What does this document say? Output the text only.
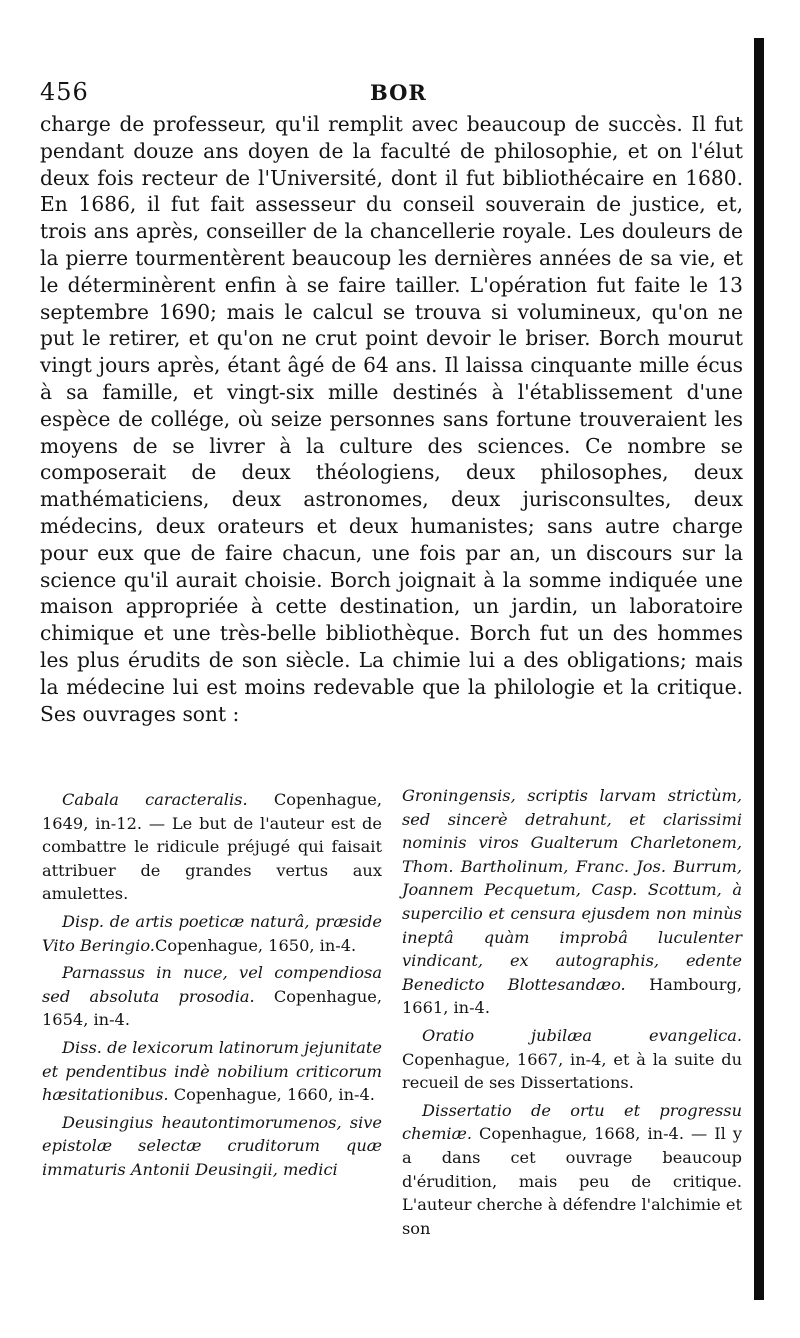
456	BOR

charge de professeur, qu'il remplit avec beaucoup de succès. Il fut pendant douze ans doyen de la faculté de philosophie, et on l'élut deux fois recteur de l'Université, dont il fut bibliothécaire en 1680. En 1686, il fut fait assesseur du conseil souverain de justice, et, trois ans après, conseiller de la chancellerie royale. Les douleurs de la pierre tourmentèrent beaucoup les dernières années de sa vie, et le déterminèrent enfin à se faire tailler. L'opération fut faite le 13 septembre 1690; mais le calcul se trouva si volumineux, qu'on ne put le retirer, et qu'on ne crut point devoir le briser. Borch mourut vingt jours après, étant âgé de 64 ans. Il laissa cinquante mille écus à sa famille, et vingt-six mille destinés à l'établissement d'une espèce de collége, où seize personnes sans fortune trouveraient les moyens de se livrer à la culture des sciences. Ce nombre se composerait de deux théologiens, deux philosophes, deux mathématiciens, deux astronomes, deux jurisconsultes, deux médecins, deux orateurs et deux humanistes; sans autre charge pour eux que de faire chacun, une fois par an, un discours sur la science qu'il aurait choisie. Borch joignait à la somme indiquée une maison appropriée à cette destination, un jardin, un laboratoire chimique et une très-belle bibliothèque. Borch fut un des hommes les plus érudits de son siècle. La chimie lui a des obligations; mais la médecine lui est moins redevable que la philologie et la critique. Ses ouvrages sont :

Cabala caracteralis. Copenhague, 1649, in-12. — Le but de l'auteur est de combattre le ridicule préjugé qui faisait attribuer de grandes vertus aux amulettes.

Disp. de artis poeticæ naturâ, præside Vito Beringio.Copenhague, 1650, in-4.

Parnassus in nuce, vel compendiosa sed absoluta prosodia. Copenhague, 1654, in-4.

Diss. de lexicorum latinorum jejunitate et pendentibus indè nobilium criticorum hæsitationibus. Copenhague, 1660, in-4.

Deusingius heautontimorumenos, sive epistolæ selectæ cruditorum quæ immaturis Antonii Deusingii, medici

Groningensis, scriptis larvam strictùm, sed sincerè detrahunt, et clarissimi nominis viros Gualterum Charletonem, Thom. Bartholinum, Franc. Jos. Burrum, Joannem Pecquetum, Casp. Scottum, à supercilio et censura ejusdem non minùs ineptâ quàm improbâ luculenter vindicant, ex autographis, edente Benedicto Blottesandæo. Hambourg, 1661, in-4.

Oratio jubilæa evangelica. Copenhague, 1667, in-4, et à la suite du recueil de ses Dissertations.

Dissertatio de ortu et progressu chemiæ. Copenhague, 1668, in-4. — Il y a dans cet ouvrage beaucoup d'érudition, mais peu de critique. L'auteur cherche à défendre l'alchimie et son
